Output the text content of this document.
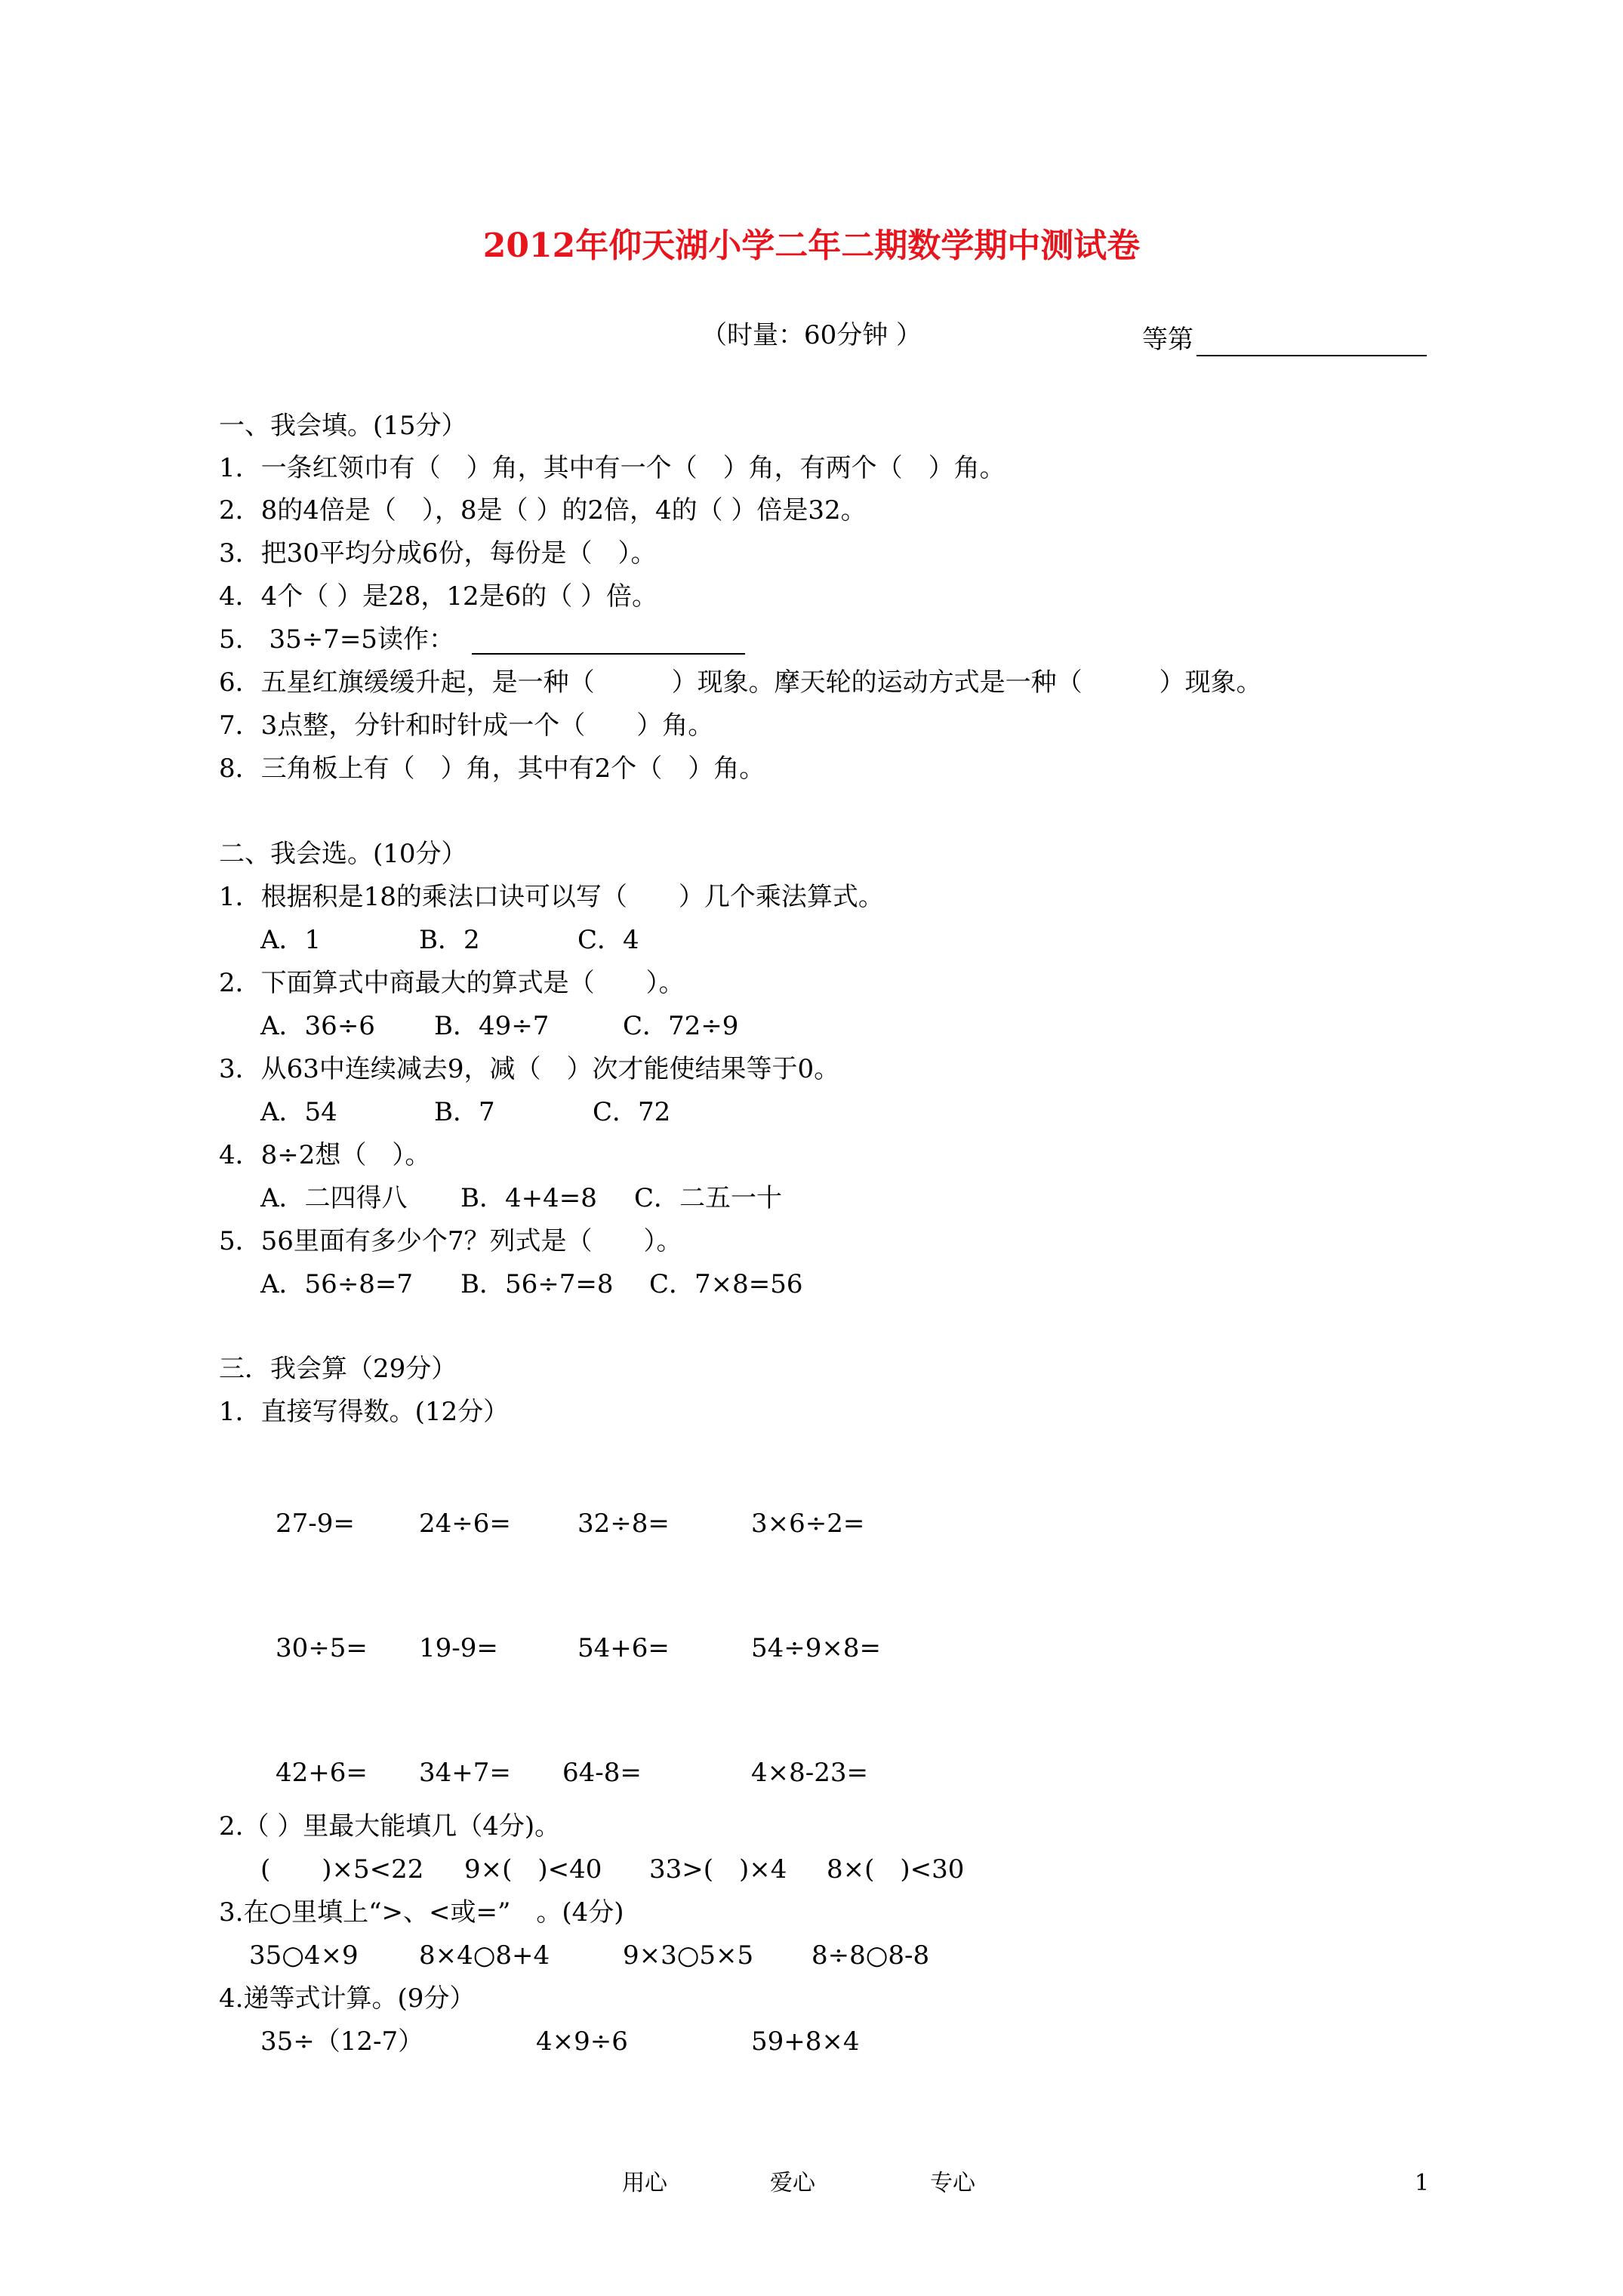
2012年仰天湖小学二年二期数学期中测试卷
（时量：60分钟 ）	等第
一、我会填。(15分）
1．一条红领巾有（　）角，其中有一个（　）角，有两个（　）角。
2．8的4倍是（　），8是（ ）的2倍，4的（ ）倍是32。
3．把30平均分成6份，每份是（　）。
4．4个（ ）是28，12是6的（ ）倍。
5.　35÷7=5读作：
6．五星红旗缓缓升起，是一种（　　　）现象。摩天轮的运动方式是一种（　　　）现象。
7．3点整，分针和时针成一个（　　）角。
8．三角板上有（　）角，其中有2个（　）角。
二、我会选。(10分）
1．根据积是18的乘法口诀可以写（　　）几个乘法算式。
A．1	B．2	C．4
2．下面算式中商最大的算式是（　　）。
A．36÷6 B．49÷7	C．72÷9
3．从63中连续减去9，减（　）次才能使结果等于0。
A．54	B．7	C．72
4．8÷2想（　）。
A．二四得八 B．4+4=8 C．二五一十
5．56里面有多少个7？列式是（　　）。
A．56÷8=7 B．56÷7=8 C．7×8=56
三．我会算（29分）
1．直接写得数。(12分）
27-9=	24÷6=	32÷8=	3×6÷2=
30÷5= 19-9=	54+6=	54÷9×8=
42+6= 34+7= 64-8=	4×8-23=
2.（ ）里最大能填几（4分)。
(　　)×5<22 9×(　)<40 33>(　)×4 8×(　)<30
3.在○里填上“>、<或=”　。(4分)
35○4×9 8×4○8+4	9×3○5×5 8÷8○8-8
4.递等式计算。(9分）
35÷（12-7）	4×9÷6	59+8×4
用心	爱心	专心	1
